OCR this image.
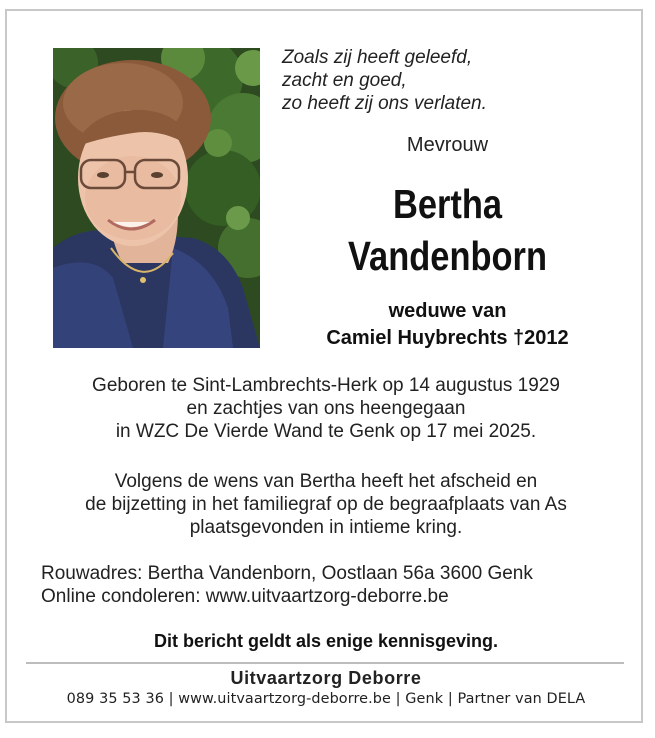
Zoals zij heeft geleefd,
zacht en goed,
zo heeft zij ons verlaten.
Mevrouw
Bertha
Vandenborn
weduwe van
Camiel Huybrechts †2012
Geboren te Sint-Lambrechts-Herk op 14 augustus 1929
en zachtjes van ons heengegaan
in WZC De Vierde Wand te Genk op 17 mei 2025.
Volgens de wens van Bertha heeft het afscheid en
de bijzetting in het familiegraf op de begraafplaats van As
plaatsgevonden in intieme kring.
Rouwadres: Bertha Vandenborn, Oostlaan 56a 3600 Genk
Online condoleren: www.uitvaartzorg-deborre.be
Dit bericht geldt als enige kennisgeving.
Uitvaartzorg Deborre
089 35 53 36 | www.uitvaartzorg-deborre.be | Genk | Partner van DELA
